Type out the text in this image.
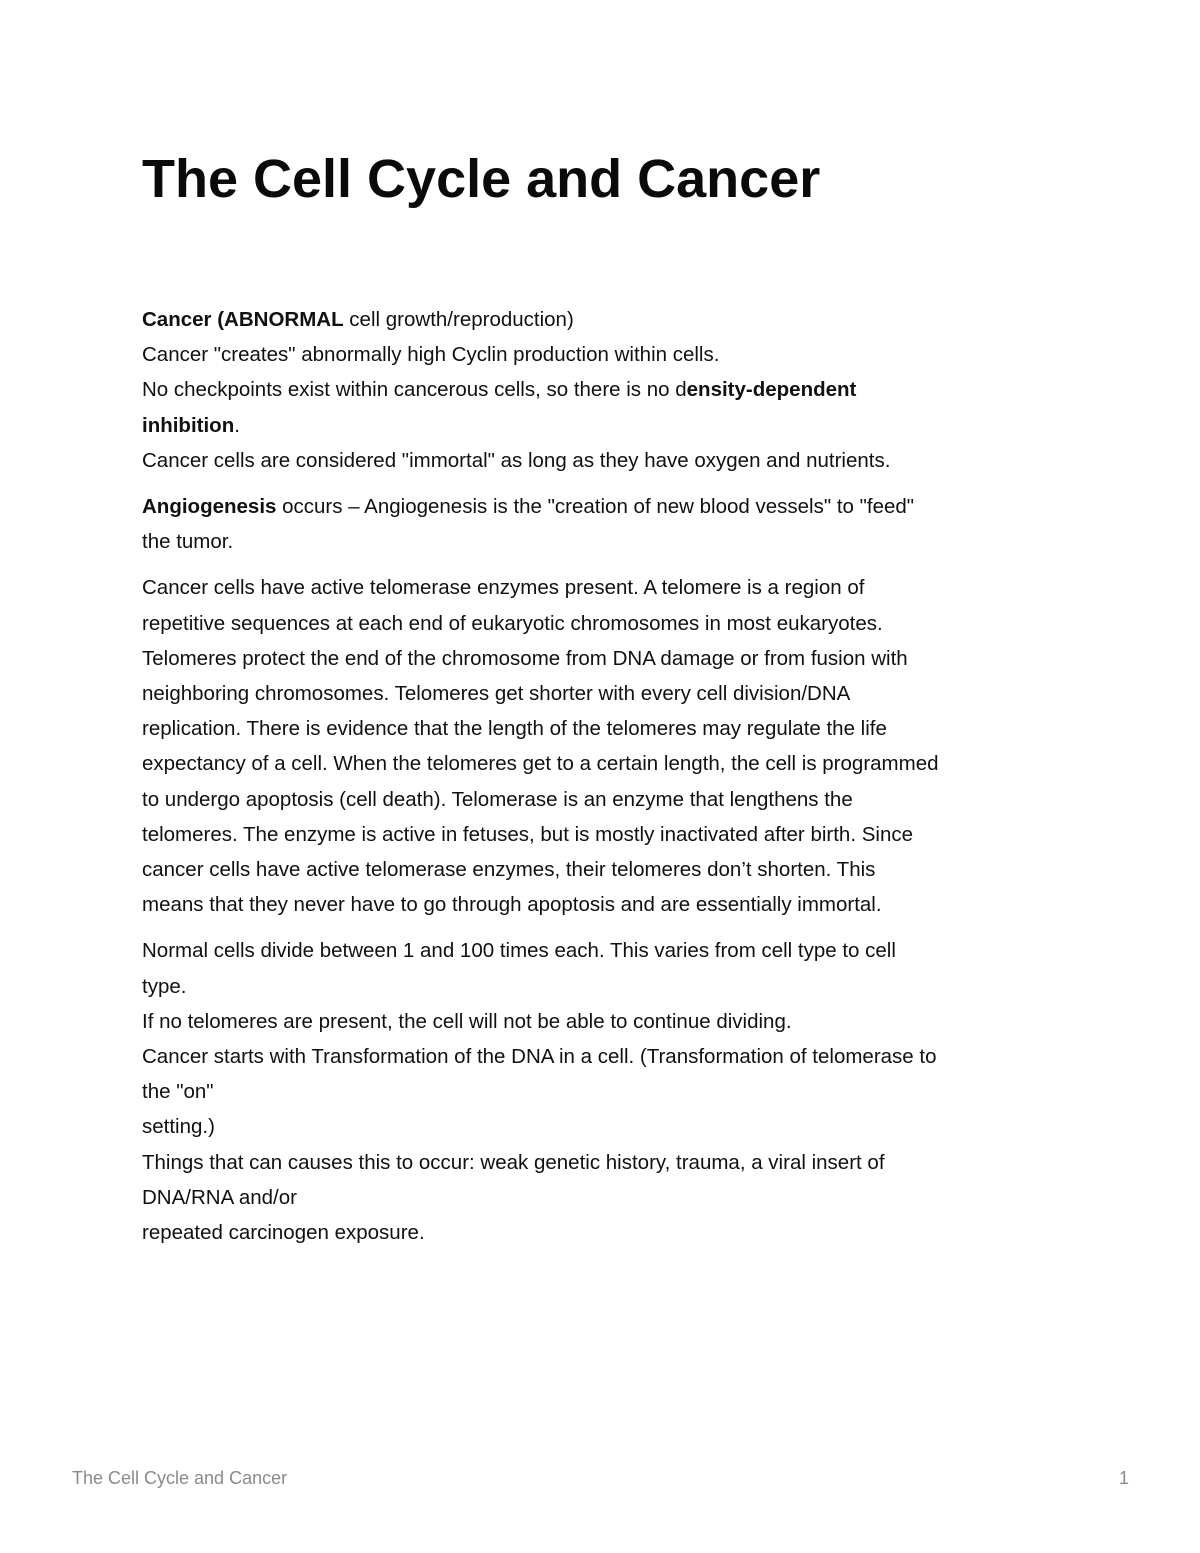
The Cell Cycle and Cancer

Cancer (ABNORMAL cell growth/reproduction)
Cancer "creates" abnormally high Cyclin production within cells.
No checkpoints exist within cancerous cells, so there is no density-dependent
inhibition.
Cancer cells are considered "immortal" as long as they have oxygen and nutrients.

Angiogenesis occurs – Angiogenesis is the "creation of new blood vessels" to "feed"
the tumor.

Cancer cells have active telomerase enzymes present. A telomere is a region of
repetitive sequences at each end of eukaryotic chromosomes in most eukaryotes.
Telomeres protect the end of the chromosome from DNA damage or from fusion with
neighboring chromosomes. Telomeres get shorter with every cell division/DNA
replication. There is evidence that the length of the telomeres may regulate the life
expectancy of a cell. When the telomeres get to a certain length, the cell is programmed
to undergo apoptosis (cell death). Telomerase is an enzyme that lengthens the
telomeres. The enzyme is active in fetuses, but is mostly inactivated after birth. Since
cancer cells have active telomerase enzymes, their telomeres don’t shorten. This
means that they never have to go through apoptosis and are essentially immortal.

Normal cells divide between 1 and 100 times each. This varies from cell type to cell
type.
If no telomeres are present, the cell will not be able to continue dividing.
Cancer starts with Transformation of the DNA in a cell. (Transformation of telomerase to
the "on"
setting.)
Things that can causes this to occur: weak genetic history, trauma, a viral insert of
DNA/RNA and/or
repeated carcinogen exposure.

The Cell Cycle and Cancer	1
